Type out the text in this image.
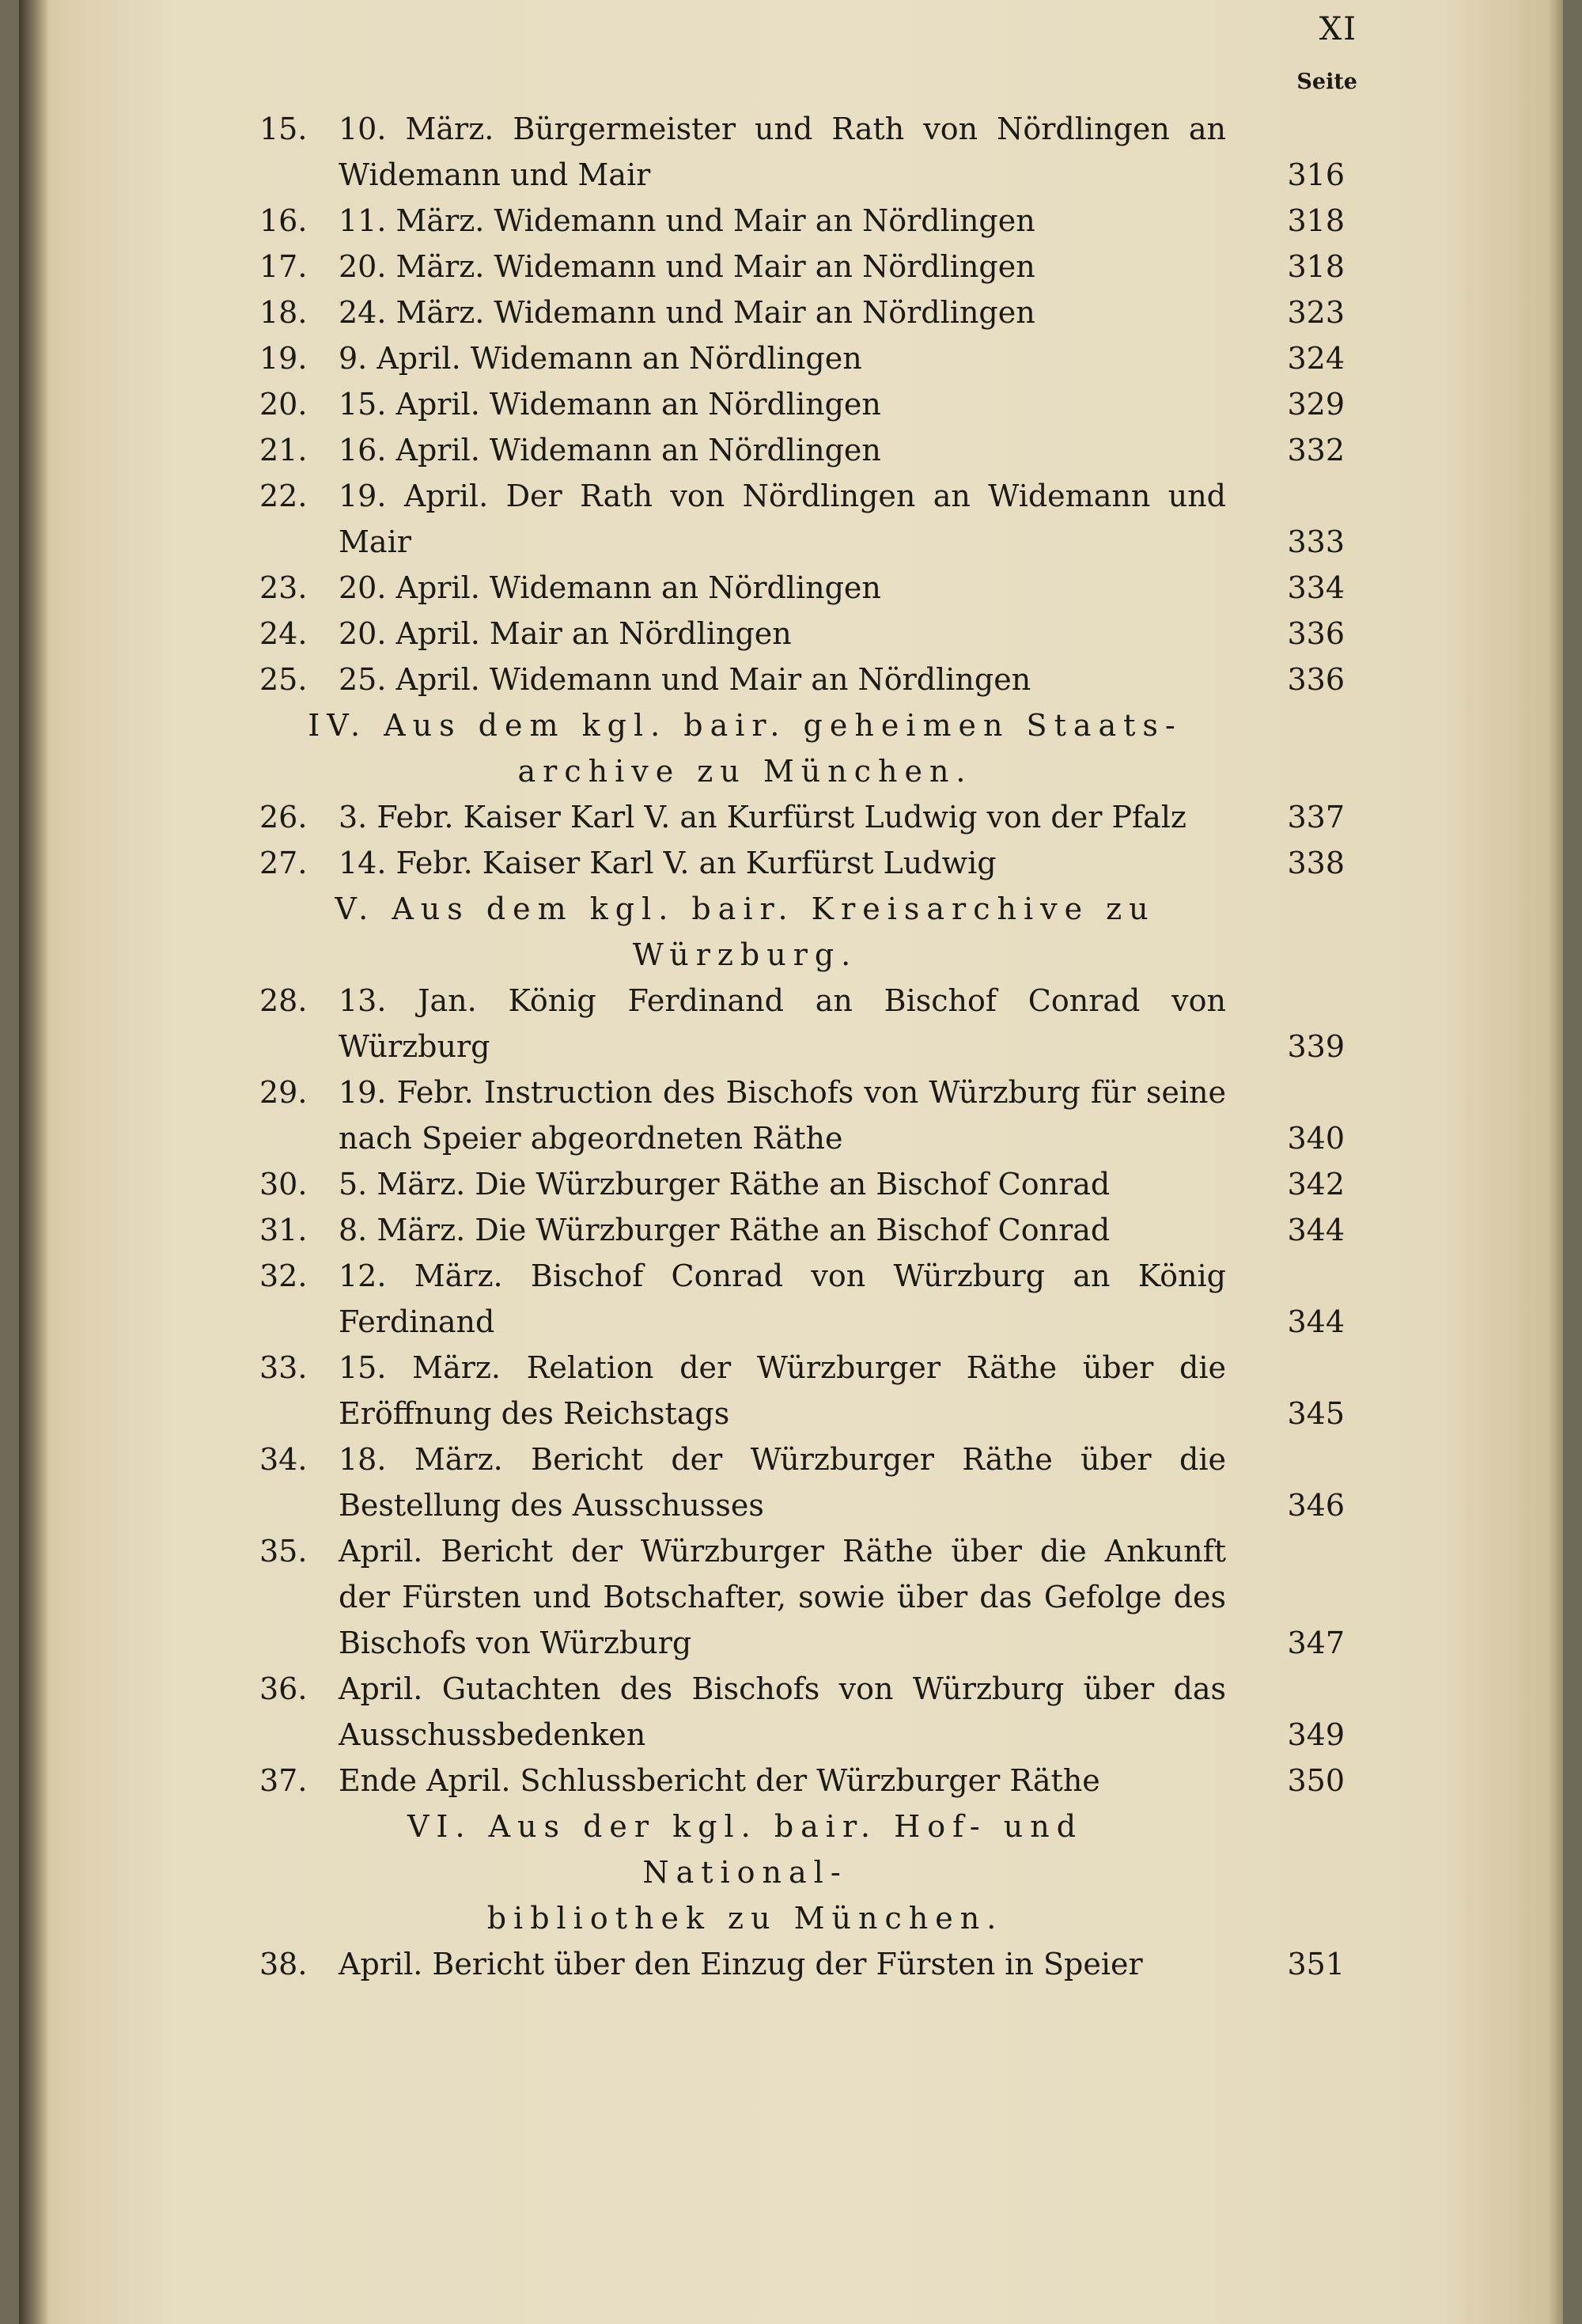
XI
Seite
15.	10. März. Bürgermeister und Rath von Nördlingen an Widemann und Mair	316
16.	11. März. Widemann und Mair an Nördlingen	318
17.	20. März. Widemann und Mair an Nördlingen	318
18.	24. März. Widemann und Mair an Nördlingen	323
19.	9. April. Widemann an Nördlingen	324
20.	15. April. Widemann an Nördlingen	329
21.	16. April. Widemann an Nördlingen	332
22.	19. April. Der Rath von Nördlingen an Widemann und Mair	333
23.	20. April. Widemann an Nördlingen	334
24.	20. April. Mair an Nördlingen	336
25.	25. April. Widemann und Mair an Nördlingen	336
IV. Aus dem kgl. bair. geheimen Staats-
archive zu München.
26.	3. Febr. Kaiser Karl V. an Kurfürst Ludwig von der Pfalz	337
27.	14. Febr. Kaiser Karl V. an Kurfürst Ludwig	338
V. Aus dem kgl. bair. Kreisarchive zu
Würzburg.
28.	13. Jan. König Ferdinand an Bischof Conrad von Würzburg	339
29.	19. Febr. Instruction des Bischofs von Würzburg für seine nach Speier abgeordneten Räthe	340
30.	5. März. Die Würzburger Räthe an Bischof Conrad	342
31.	8. März. Die Würzburger Räthe an Bischof Conrad	344
32.	12. März. Bischof Conrad von Würzburg an König Ferdinand	344
33.	15. März. Relation der Würzburger Räthe über die Eröffnung des Reichstags	345
34.	18. März. Bericht der Würzburger Räthe über die Bestellung des Ausschusses	346
35.	April. Bericht der Würzburger Räthe über die Ankunft der Fürsten und Botschafter, sowie über das Gefolge des Bischofs von Würzburg	347
36.	April. Gutachten des Bischofs von Würzburg über das Ausschussbedenken	349
37.	Ende April. Schlussbericht der Würzburger Räthe	350
VI. Aus der kgl. bair. Hof- und National-
bibliothek zu München.
38.	April. Bericht über den Einzug der Fürsten in Speier	351
